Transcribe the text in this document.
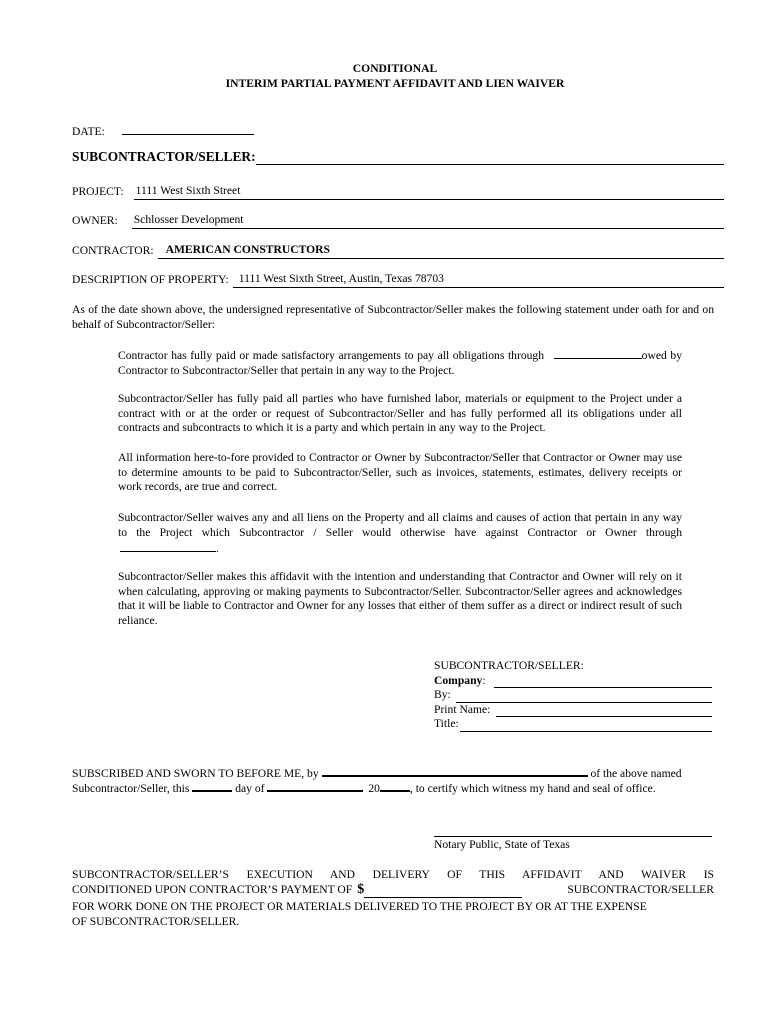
CONDITIONAL
INTERIM PARTIAL PAYMENT AFFIDAVIT AND LIEN WAIVER
DATE:
SUBCONTRACTOR/SELLER:
PROJECT: 1111 West Sixth Street
OWNER: Schlosser Development
CONTRACTOR:	AMERICAN CONSTRUCTORS
DESCRIPTION OF PROPERTY: 1111 West Sixth Street, Austin, Texas 78703
As of the date shown above, the undersigned representative of Subcontractor/Seller makes the following statement under oath for and on behalf of Subcontractor/Seller:
Contractor has fully paid or made satisfactory arrangements to pay all obligations through	owed by Contractor to Subcontractor/Seller that pertain in any way to the Project.
Subcontractor/Seller has fully paid all parties who have furnished labor, materials or equipment to the Project under a contract with or at the order or request of Subcontractor/Seller and has fully performed all its obligations under all contracts and subcontracts to which it is a party and which pertain in any way to the Project.
All information here-to-fore provided to Contractor or Owner by Subcontractor/Seller that Contractor or Owner may use to determine amounts to be paid to Subcontractor/Seller, such as invoices, statements, estimates, delivery receipts or work records, are true and correct.
Subcontractor/Seller waives any and all liens on the Property and all claims and causes of action that pertain in any way to the Project which Subcontractor / Seller would otherwise have against Contractor or Owner through .
Subcontractor/Seller makes this affidavit with the intention and understanding that Contractor and Owner will rely on it when calculating, approving or making payments to Subcontractor/Seller. Subcontractor/Seller agrees and acknowledges that it will be liable to Contractor and Owner for any losses that either of them suffer as a direct or indirect result of such reliance.
SUBCONTRACTOR/SELLER:
Company :
By:
Print Name:
Title:
SUBSCRIBED AND SWORN TO BEFORE ME, by	of the above named
Subcontractor/Seller, this	day of	20	, to certify which witness my hand and seal of office.
Notary Public, State of Texas
SUBCONTRACTOR/SELLER’S EXECUTION AND DELIVERY OF THIS AFFIDAVIT AND WAIVER IS
CONDITIONED UPON CONTRACTOR’S PAYMENT OF $	SUBCONTRACTOR/SELLER
FOR WORK DONE ON THE PROJECT OR MATERIALS DELIVERED TO THE PROJECT BY OR AT THE EXPENSE
OF SUBCONTRACTOR/SELLER.
